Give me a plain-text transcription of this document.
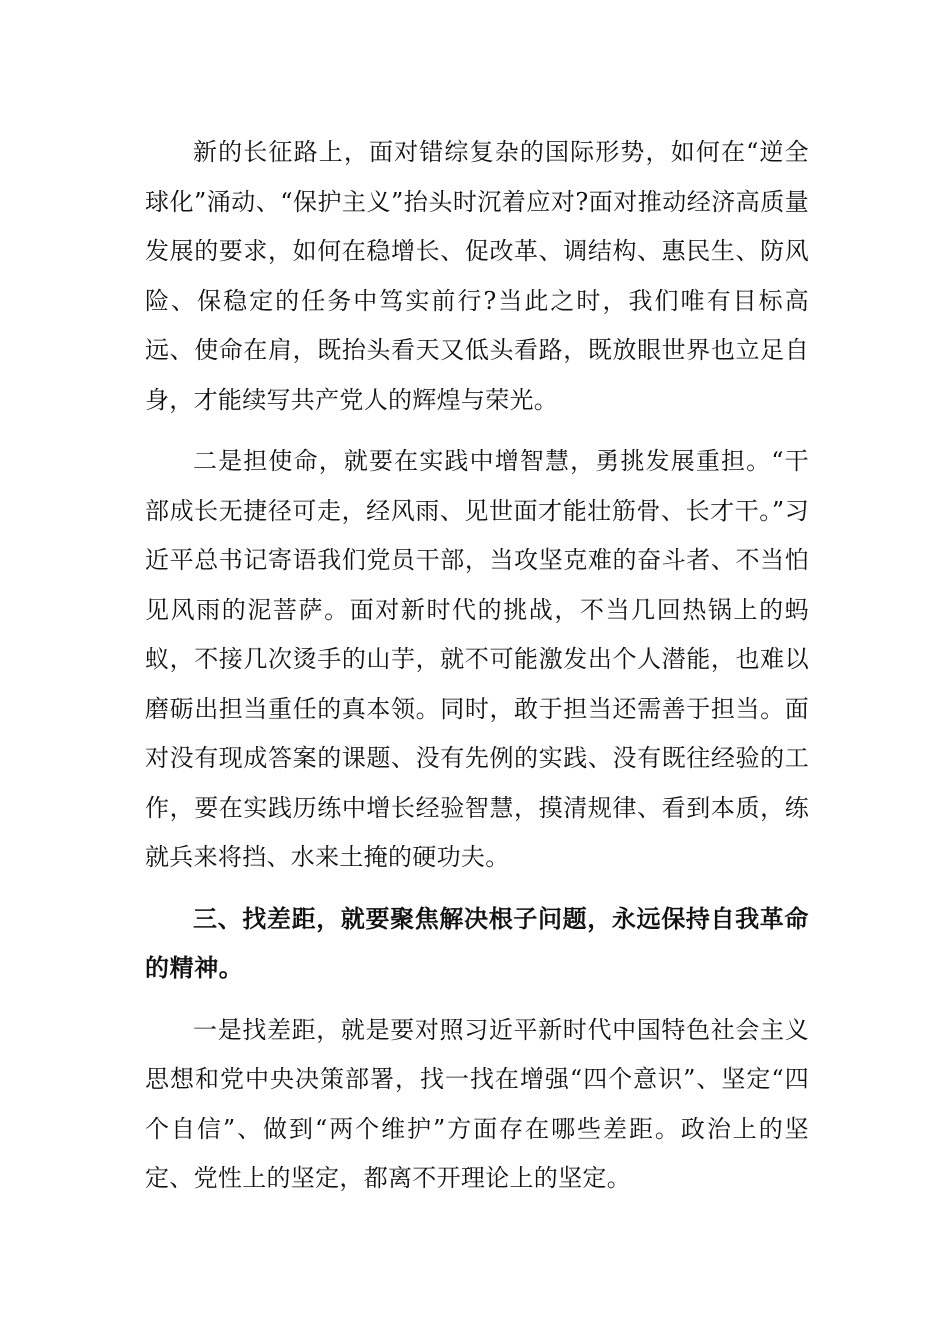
新的长征路上，面对错综复杂的国际形势，如何在“逆全球化”涌动、“保护主义”抬头时沉着应对?面对推动经济高质量发展的要求，如何在稳增长、促改革、调结构、惠民生、防风险、保稳定的任务中笃实前行?当此之时，我们唯有目标高远、使命在肩，既抬头看天又低头看路，既放眼世界也立足自身，才能续写共产党人的辉煌与荣光。

二是担使命，就要在实践中增智慧，勇挑发展重担。“干部成长无捷径可走，经风雨、见世面才能壮筋骨、长才干。”习近平总书记寄语我们党员干部，当攻坚克难的奋斗者、不当怕见风雨的泥菩萨。面对新时代的挑战，不当几回热锅上的蚂蚁，不接几次烫手的山芋，就不可能激发出个人潜能，也难以磨砺出担当重任的真本领。同时，敢于担当还需善于担当。面对没有现成答案的课题、没有先例的实践、没有既往经验的工作，要在实践历练中增长经验智慧，摸清规律、看到本质，练就兵来将挡、水来土掩的硬功夫。

三、找差距，就要聚焦解决根子问题，永远保持自我革命的精神。

一是找差距，就是要对照习近平新时代中国特色社会主义思想和党中央决策部署，找一找在增强“四个意识”、坚定“四个自信”、做到“两个维护”方面存在哪些差距。政治上的坚定、党性上的坚定，都离不开理论上的坚定。
